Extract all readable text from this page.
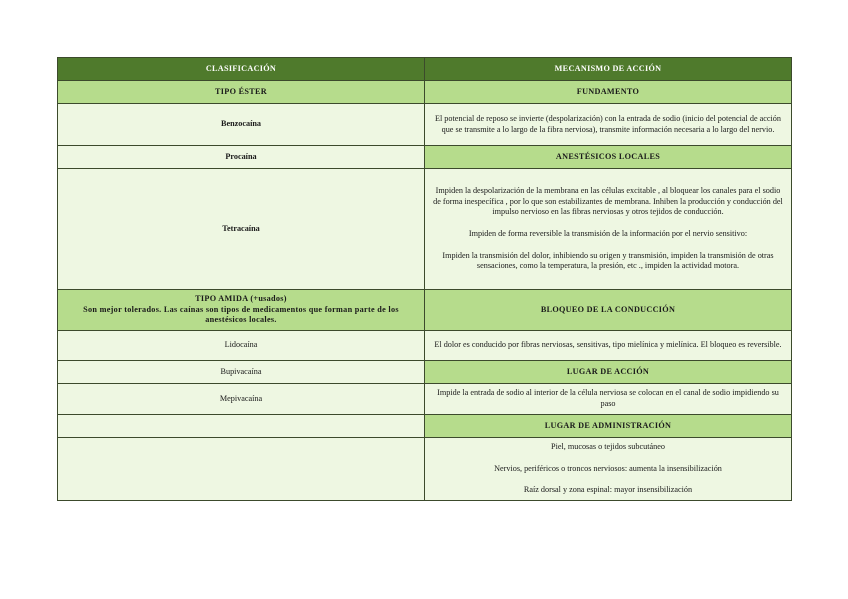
CLASIFICACIÓN	MECANISMO DE ACCIÓN
TIPO ÉSTER	FUNDAMENTO
Benzocaína	El potencial de reposo se invierte (despolarización) con la entrada de sodio (inicio del potencial de acción que se transmite a lo largo de la fibra nerviosa), transmite información necesaria a lo largo del nervio.
Procaína	ANESTÉSICOS LOCALES
Tetracaína	Impiden la despolarización de la membrana en las células excitable , al bloquear los canales para el sodio de forma inespecífica , por lo que son estabilizantes de membrana. Inhiben la producción y conducción del impulso nervioso en las fibras nerviosas y otros tejidos de conducción.

Impiden de forma reversible la transmisión de la información por el nervio sensitivo:

Impiden la transmisión del dolor, inhibiendo su origen y transmisión, impiden la transmisión de otras sensaciones, como la temperatura, la presión, etc ., impiden la actividad motora.

TIPO AMIDA (+usados)
Son mejor tolerados. Las caínas son tipos de medicamentos que forman parte de los anestésicos locales.	BLOQUEO DE LA CONDUCCIÓN
Lidocaína	El dolor es conducido por fibras nerviosas, sensitivas, tipo mielínica y mielínica. El bloqueo es reversible.
Bupivacaína	LUGAR DE ACCIÓN
Mepivacaína	Impide la entrada de sodio al interior de la célula nerviosa se colocan en el canal de sodio impidiendo su paso
	LUGAR DE ADMINISTRACIÓN

	Piel, mucosas o tejidos subcutáneo

Nervios, periféricos o troncos nerviosos: aumenta la insensibilización

Raíz dorsal y zona espinal: mayor insensibilización
